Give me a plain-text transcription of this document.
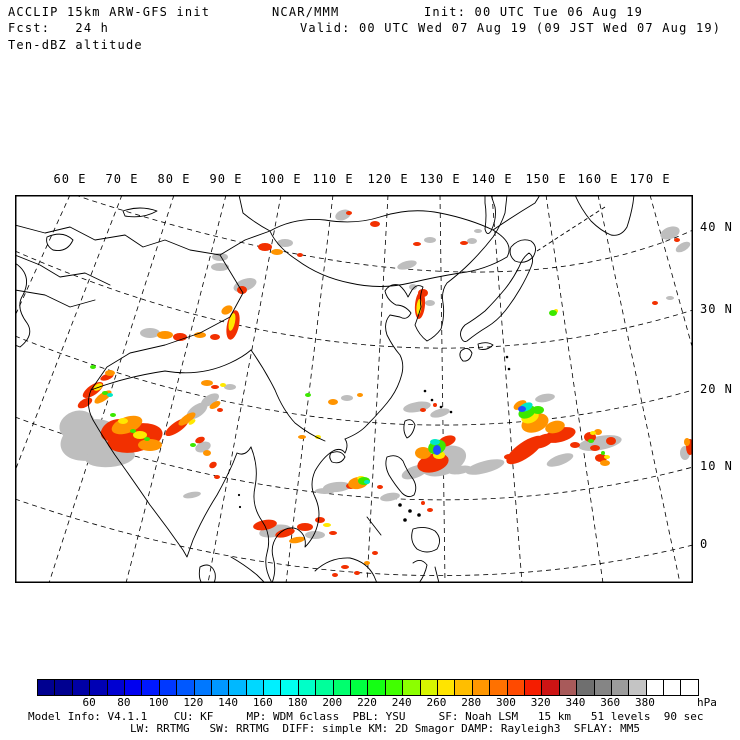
ACCLIP 15km ARW-GFS init	NCAR/MMM	Init: 00 UTC Tue 06 Aug 19
Fcst:   24 h	Valid: 00 UTC Wed 07 Aug 19 (09 JST Wed 07 Aug 19)
Ten-dBZ altitude
60 E 70 E 80 E 90 E 100 E 110 E 120 E 130 E 140 E 150 E 160 E 170 E
40 N
30 N
20 N
10 N
0
60 80 100 120 140 160 180 200 220 240 260 280 300 320 340 360 380	hPa
Model Info: V4.1.1    CU: KF     MP: WDM 6class  PBL: YSU     SF: Noah LSM   15 km   51 levels  90 sec
LW: RRTMG   SW: RRTMG  DIFF: simple KM: 2D Smagor DAMP: Rayleigh3  SFLAY: MM5
